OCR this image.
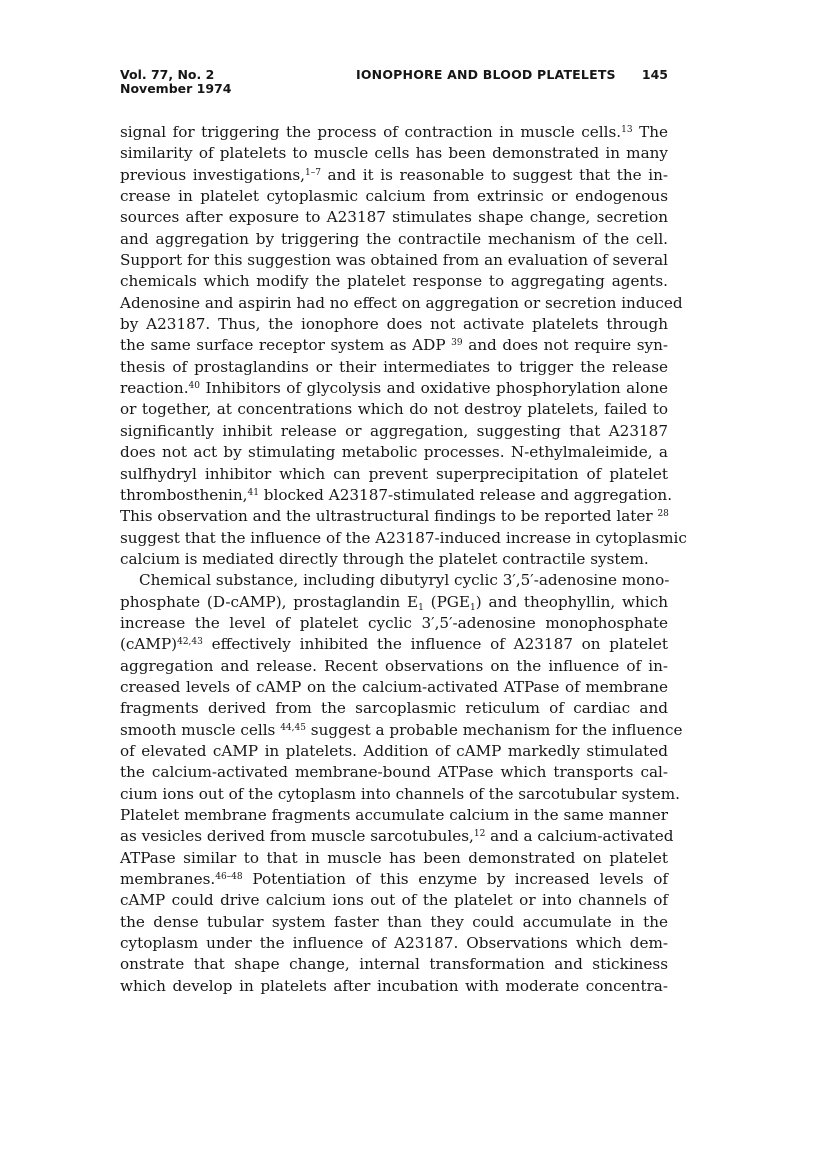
Vol. 77, No. 2
November 1974
IONOPHORE AND BLOOD PLATELETS 145
signal for triggering the process of contraction in muscle cells.$^{13}$ The
similarity of platelets to muscle cells has been demonstrated in many
previous investigations,$^{1-7}$ and it is reasonable to suggest that the in-
crease in platelet cytoplasmic calcium from extrinsic or endogenous
sources after exposure to A23187 stimulates shape change, secretion
and aggregation by triggering the contractile mechanism of the cell.
Support for this suggestion was obtained from an evaluation of several
chemicals which modify the platelet response to aggregating agents.
Adenosine and aspirin had no effect on aggregation or secretion induced
by A23187. Thus, the ionophore does not activate platelets through
the same surface receptor system as ADP $^{39}$ and does not require syn-
thesis of prostaglandins or their intermediates to trigger the release
reaction.$^{40}$ Inhibitors of glycolysis and oxidative phosphorylation alone
or together, at concentrations which do not destroy platelets, failed to
significantly inhibit release or aggregation, suggesting that A23187
does not act by stimulating metabolic processes. N-ethylmaleimide, a
sulfhydryl inhibitor which can prevent superprecipitation of platelet
thrombosthenin,$^{41}$ blocked A23187-stimulated release and aggregation.
This observation and the ultrastructural findings to be reported later $^{28}$
suggest that the influence of the A23187-induced increase in cytoplasmic
calcium is mediated directly through the platelet contractile system.
Chemical substance, including dibutyryl cyclic 3′,5′-adenosine mono-
phosphate (D-cAMP), prostaglandin $E_1$ $(PGE_1)$ and theophyllin, which
increase the level of platelet cyclic 3′,5′-adenosine monophosphate
(cAMP)$^{42,43}$ effectively inhibited the influence of A23187 on platelet
aggregation and release. Recent observations on the influence of in-
creased levels of cAMP on the calcium-activated ATPase of membrane
fragments derived from the sarcoplasmic reticulum of cardiac and
smooth muscle cells $^{44,45}$ suggest a probable mechanism for the influence
of elevated cAMP in platelets. Addition of cAMP markedly stimulated
the calcium-activated membrane-bound ATPase which transports cal-
cium ions out of the cytoplasm into channels of the sarcotubular system.
Platelet membrane fragments accumulate calcium in the same manner
as vesicles derived from muscle sarcotubules,$^{12}$ and a calcium-activated
ATPase similar to that in muscle has been demonstrated on platelet
membranes.$^{46-48}$ Potentiation of this enzyme by increased levels of
cAMP could drive calcium ions out of the platelet or into channels of
the dense tubular system faster than they could accumulate in the
cytoplasm under the influence of A23187. Observations which dem-
onstrate that shape change, internal transformation and stickiness
which develop in platelets after incubation with moderate concentra-
